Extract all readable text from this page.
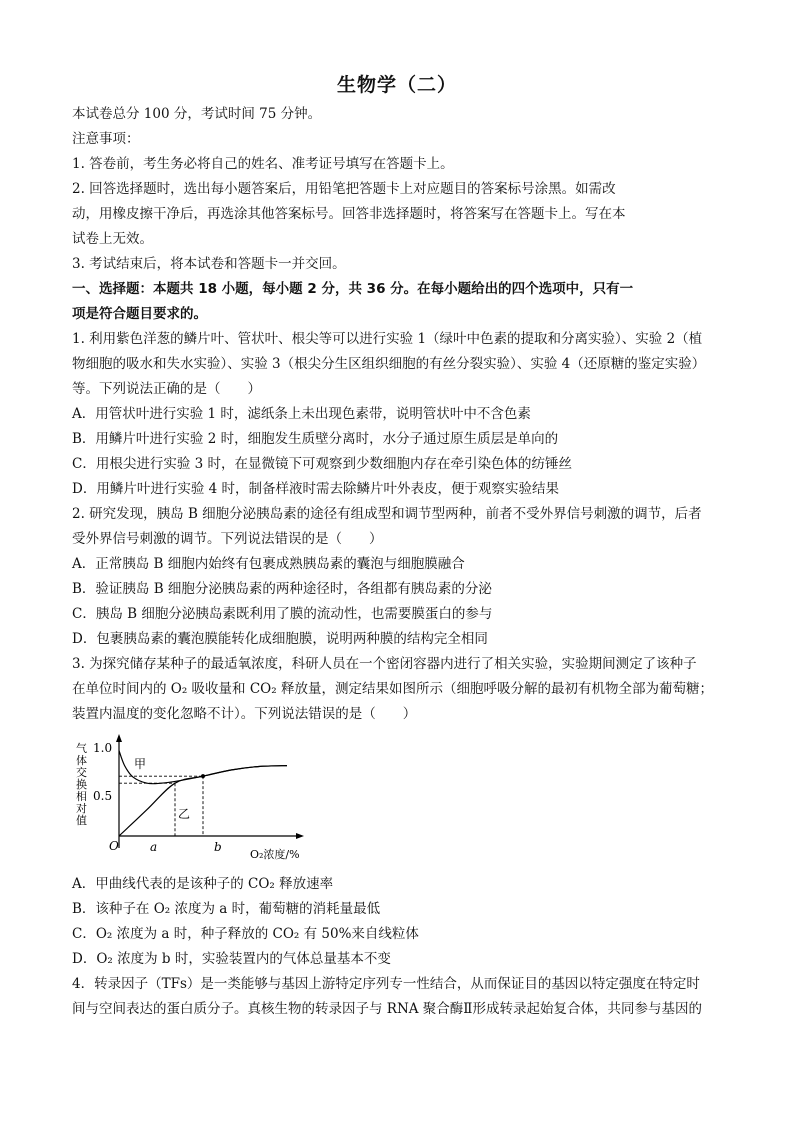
生物学（二）
本试卷总分 100 分，考试时间 75 分钟。
注意事项：
1. 答卷前，考生务必将自己的姓名、准考证号填写在答题卡上。
2. 回答选择题时，选出每小题答案后，用铅笔把答题卡上对应题目的答案标号涂黑。如需改
动，用橡皮擦干净后，再选涂其他答案标号。回答非选择题时，将答案写在答题卡上。写在本
试卷上无效。
3. 考试结束后，将本试卷和答题卡一并交回。
一、选择题：本题共 18 小题，每小题 2 分，共 36 分。在每小题给出的四个选项中，只有一
项是符合题目要求的。
1. 利用紫色洋葱的鳞片叶、管状叶、根尖等可以进行实验 1（绿叶中色素的提取和分离实验）、实验 2（植
物细胞的吸水和失水实验）、实验 3（根尖分生区组织细胞的有丝分裂实验）、实验 4（还原糖的鉴定实验）
等。下列说法正确的是（　　）
A．用管状叶进行实验 1 时，滤纸条上未出现色素带，说明管状叶中不含色素
B．用鳞片叶进行实验 2 时，细胞发生质壁分离时，水分子通过原生质层是单向的
C．用根尖进行实验 3 时，在显微镜下可观察到少数细胞内存在牵引染色体的纺锤丝
D．用鳞片叶进行实验 4 时，制备样液时需去除鳞片叶外表皮，便于观察实验结果
2. 研究发现，胰岛 B 细胞分泌胰岛素的途径有组成型和调节型两种，前者不受外界信号刺激的调节，后者
受外界信号刺激的调节。下列说法错误的是（　　）
A．正常胰岛 B 细胞内始终有包裹成熟胰岛素的囊泡与细胞膜融合
B．验证胰岛 B 细胞分泌胰岛素的两种途径时，各组都有胰岛素的分泌
C．胰岛 B 细胞分泌胰岛素既利用了膜的流动性，也需要膜蛋白的参与
D．包裹胰岛素的囊泡膜能转化成细胞膜，说明两种膜的结构完全相同
3. 为探究储存某种子的最适氧浓度，科研人员在一个密闭容器内进行了相关实验，实验期间测定了该种子
在单位时间内的 O₂ 吸收量和 CO₂ 释放量，测定结果如图所示（细胞呼吸分解的最初有机物全部为葡萄糖；
装置内温度的变化忽略不计）。下列说法错误的是（　　）
气
体
交
换
相
对
值
O
1.0
0.5
a	b
O₂浓度/%
甲
乙
A．甲曲线代表的是该种子的 CO₂ 释放速率
B．该种子在 O₂ 浓度为 a 时，葡萄糖的消耗量最低
C．O₂ 浓度为 a 时，种子释放的 CO₂ 有 50%来自线粒体
D．O₂ 浓度为 b 时，实验装置内的气体总量基本不变
4．转录因子（TFs）是一类能够与基因上游特定序列专一性结合，从而保证目的基因以特定强度在特定时
间与空间表达的蛋白质分子。真核生物的转录因子与 RNA 聚合酶Ⅱ形成转录起始复合体，共同参与基因的
